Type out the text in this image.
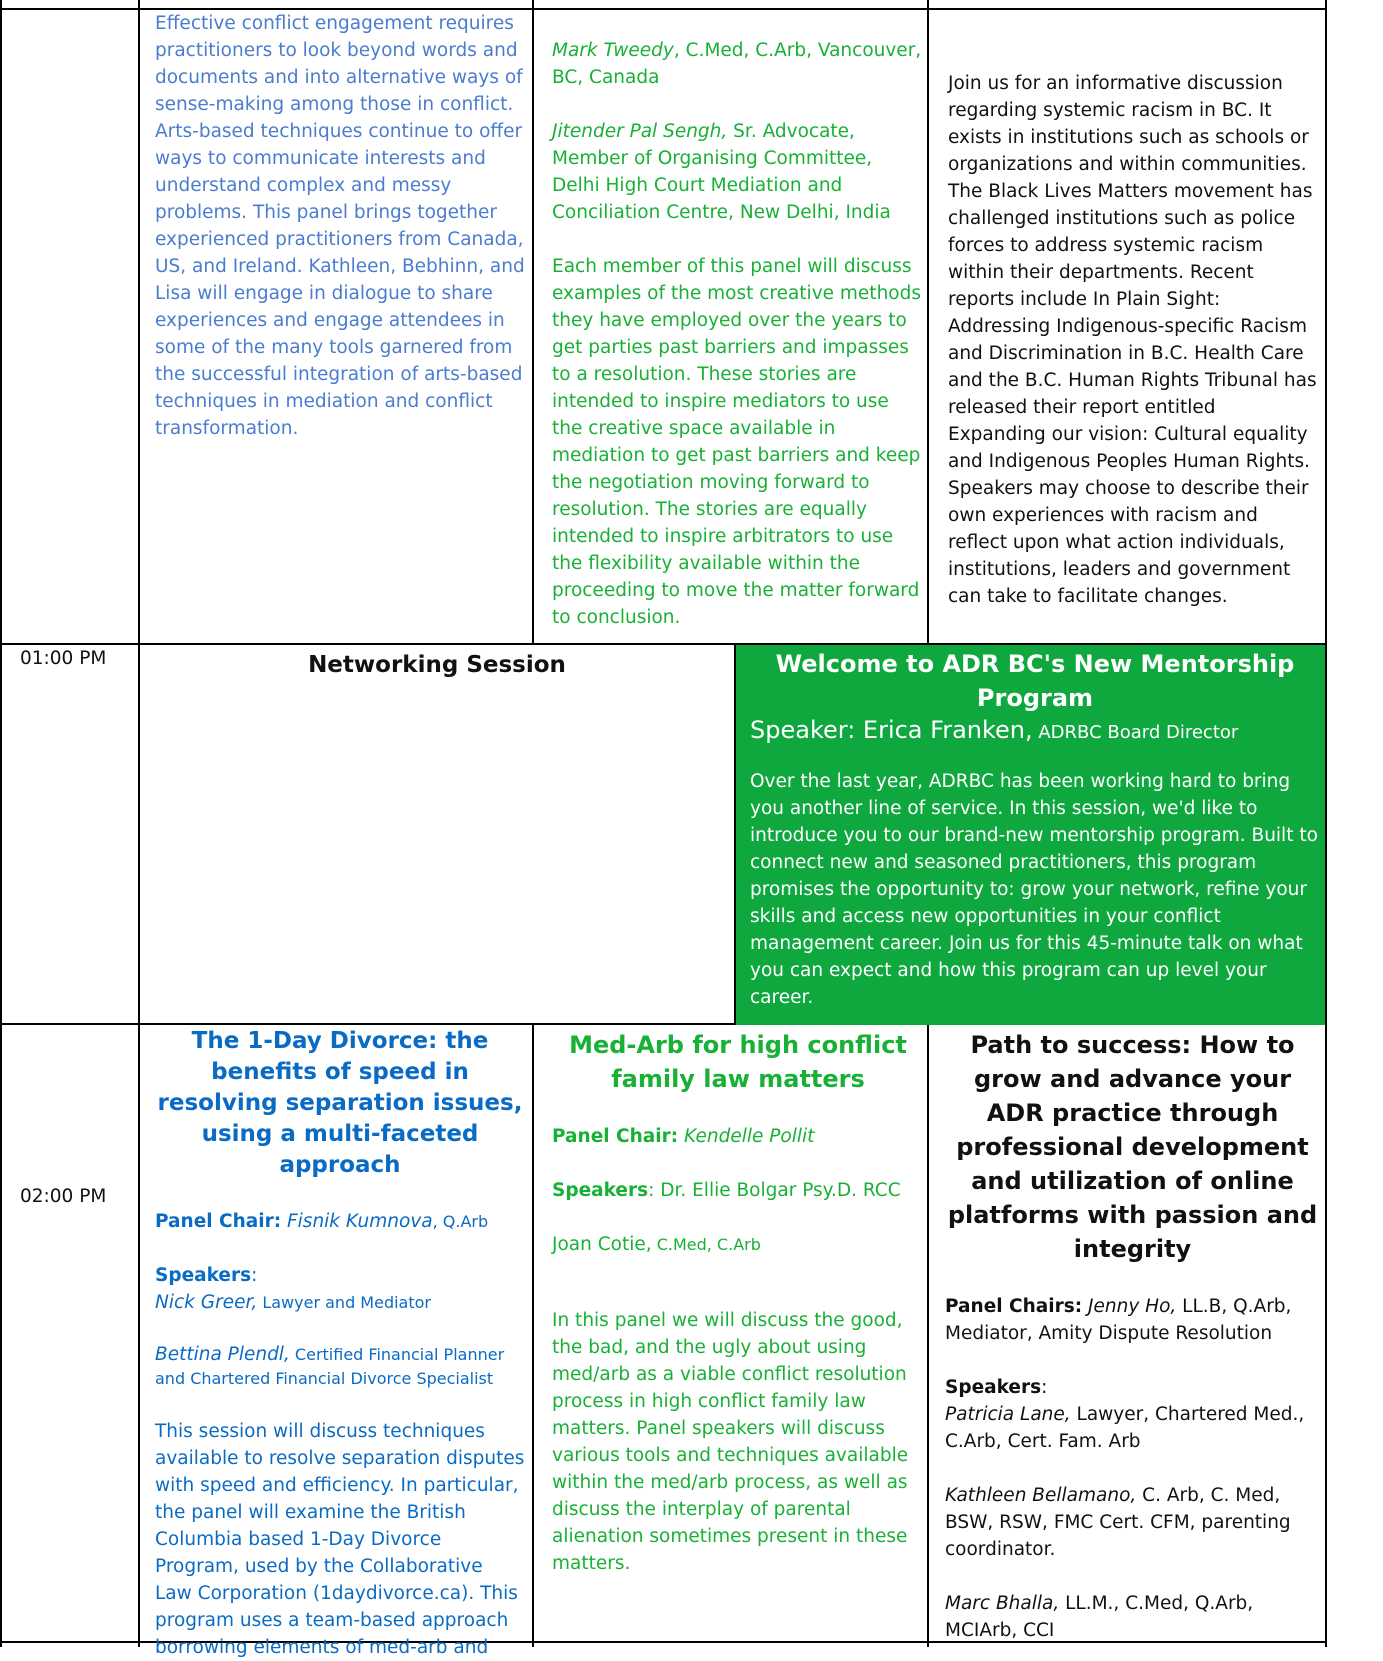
Effective conflict engagement requires practitioners to look beyond words and documents and into alternative ways of sense-making among those in conflict. Arts-based techniques continue to offer ways to communicate interests and understand complex and messy problems. This panel brings together experienced practitioners from Canada, US, and Ireland. Kathleen, Bebhinn, and Lisa will engage in dialogue to share experiences and engage attendees in some of the many tools garnered from the successful integration of arts-based techniques in mediation and conflict transformation.

Mark Tweedy, C.Med, C.Arb, Vancouver, BC, Canada

Jitender Pal Sengh, Sr. Advocate, Member of Organising Committee, Delhi High Court Mediation and Conciliation Centre, New Delhi, India

Each member of this panel will discuss examples of the most creative methods they have employed over the years to get parties past barriers and impasses to a resolution. These stories are intended to inspire mediators to use the creative space available in mediation to get past barriers and keep the negotiation moving forward to resolution. The stories are equally intended to inspire arbitrators to use the flexibility available within the proceeding to move the matter forward to conclusion.

Join us for an informative discussion regarding systemic racism in BC. It exists in institutions such as schools or organizations and within communities. The Black Lives Matters movement has challenged institutions such as police forces to address systemic racism within their departments. Recent reports include In Plain Sight: Addressing Indigenous-specific Racism and Discrimination in B.C. Health Care and the B.C. Human Rights Tribunal has released their report entitled Expanding our vision: Cultural equality and Indigenous Peoples Human Rights. Speakers may choose to describe their own experiences with racism and reflect upon what action individuals, institutions, leaders and government can take to facilitate changes.

01:00 PM	Networking Session	Welcome to ADR BC's New Mentorship Program

Speaker: Erica Franken, ADRBC Board Director

Over the last year, ADRBC has been working hard to bring you another line of service. In this session, we'd like to introduce you to our brand-new mentorship program. Built to connect new and seasoned practitioners, this program promises the opportunity to: grow your network, refine your skills and access new opportunities in your conflict management career. Join us for this 45-minute talk on what you can expect and how this program can up level your career.

02:00 PM

The 1-Day Divorce: the benefits of speed in resolving separation issues, using a multi-faceted approach

Panel Chair: Fisnik Kumnova, Q.Arb

Speakers:

Nick Greer, Lawyer and Mediator

Bettina Plendl, Certified Financial Planner and Chartered Financial Divorce Specialist

This session will discuss techniques available to resolve separation disputes with speed and efficiency. In particular, the panel will examine the British Columbia based 1-Day Divorce Program, used by the Collaborative Law Corporation (1daydivorce.ca). This program uses a team-based approach borrowing elements of med-arb and

Med-Arb for high conflict family law matters

Panel Chair: Kendelle Pollit

Speakers: Dr. Ellie Bolgar Psy.D. RCC

Joan Cotie, C.Med, C.Arb

In this panel we will discuss the good, the bad, and the ugly about using med/arb as a viable conflict resolution process in high conflict family law matters. Panel speakers will discuss various tools and techniques available within the med/arb process, as well as discuss the interplay of parental alienation sometimes present in these matters.

Path to success: How to grow and advance your ADR practice through professional development and utilization of online platforms with passion and integrity

Panel Chairs: Jenny Ho, LL.B, Q.Arb, Mediator, Amity Dispute Resolution

Speakers:

Patricia Lane, Lawyer, Chartered Med., C.Arb, Cert. Fam. Arb

Kathleen Bellamano, C. Arb, C. Med, BSW, RSW, FMC Cert. CFM, parenting coordinator.

Marc Bhalla, LL.M., C.Med, Q.Arb, MCIArb, CCI
